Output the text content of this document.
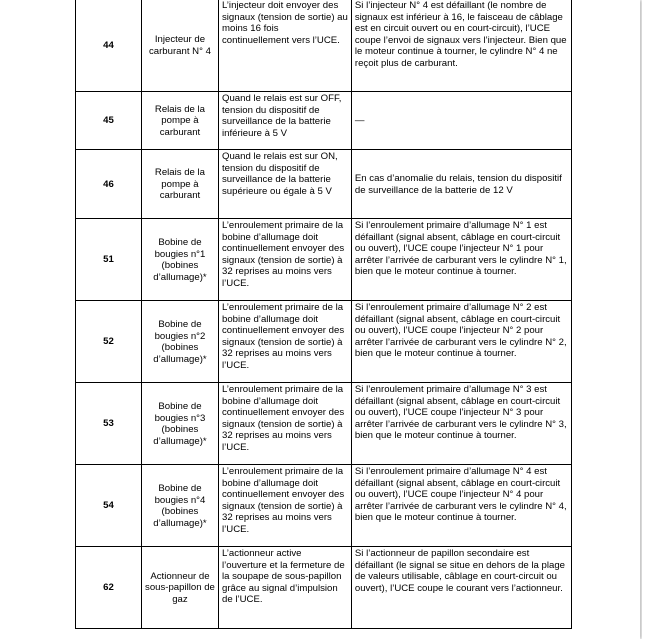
44	Injecteur de carburant N° 4	L’injecteur doit envoyer des signaux (tension de sortie) au moins 16 fois continuellement vers l’UCE.	Si l’injecteur N° 4 est défaillant (le nombre de signaux est inférieur à 16, le faisceau de câblage est en circuit ouvert ou en court-circuit), l’UCE coupe l’envoi de signaux vers l’injecteur. Bien que le moteur continue à tourner, le cylindre N° 4 ne reçoit plus de carburant.
45	Relais de la pompe à carburant	Quand le relais est sur OFF, tension du dispositif de surveillance de la batterie inférieure à 5 V	—
46	Relais de la pompe à carburant	Quand le relais est sur ON, tension du dispositif de surveillance de la batterie supérieure ou égale à 5 V	En cas d’anomalie du relais, tension du dispositif de surveillance de la batterie de 12 V
51	Bobine de bougies n°1 (bobines d’allumage)*	L’enroulement primaire de la bobine d’allumage doit continuellement envoyer des signaux (tension de sortie) à 32 reprises au moins vers l’UCE.	Si l’enroulement primaire d’allumage N° 1 est défaillant (signal absent, câblage en court-circuit ou ouvert), l’UCE coupe l’injecteur N° 1 pour arrêter l’arrivée de carburant vers le cylindre N° 1, bien que le moteur continue à tourner.
52	Bobine de bougies n°2 (bobines d’allumage)*	L’enroulement primaire de la bobine d’allumage doit continuellement envoyer des signaux (tension de sortie) à 32 reprises au moins vers l’UCE.	Si l’enroulement primaire d’allumage N° 2 est défaillant (signal absent, câblage en court-circuit ou ouvert), l’UCE coupe l’injecteur N° 2 pour arrêter l’arrivée de carburant vers le cylindre N° 2, bien que le moteur continue à tourner.
53	Bobine de bougies n°3 (bobines d’allumage)*	L’enroulement primaire de la bobine d’allumage doit continuellement envoyer des signaux (tension de sortie) à 32 reprises au moins vers l’UCE.	Si l’enroulement primaire d’allumage N° 3 est défaillant (signal absent, câblage en court-circuit ou ouvert), l’UCE coupe l’injecteur N° 3 pour arrêter l’arrivée de carburant vers le cylindre N° 3, bien que le moteur continue à tourner.
54	Bobine de bougies n°4 (bobines d’allumage)*	L’enroulement primaire de la bobine d’allumage doit continuellement envoyer des signaux (tension de sortie) à 32 reprises au moins vers l’UCE.	Si l’enroulement primaire d’allumage N° 4 est défaillant (signal absent, câblage en court-circuit ou ouvert), l’UCE coupe l’injecteur N° 4 pour arrêter l’arrivée de carburant vers le cylindre N° 4, bien que le moteur continue à tourner.
62	Actionneur de sous-papillon de gaz	L’actionneur active l’ouverture et la fermeture de la soupape de sous-papillon grâce au signal d’impulsion de l’UCE.	Si l’actionneur de papillon secondaire est défaillant (le signal se situe en dehors de la plage de valeurs utilisable, câblage en court-circuit ou ouvert), l’UCE coupe le courant vers l’actionneur.
